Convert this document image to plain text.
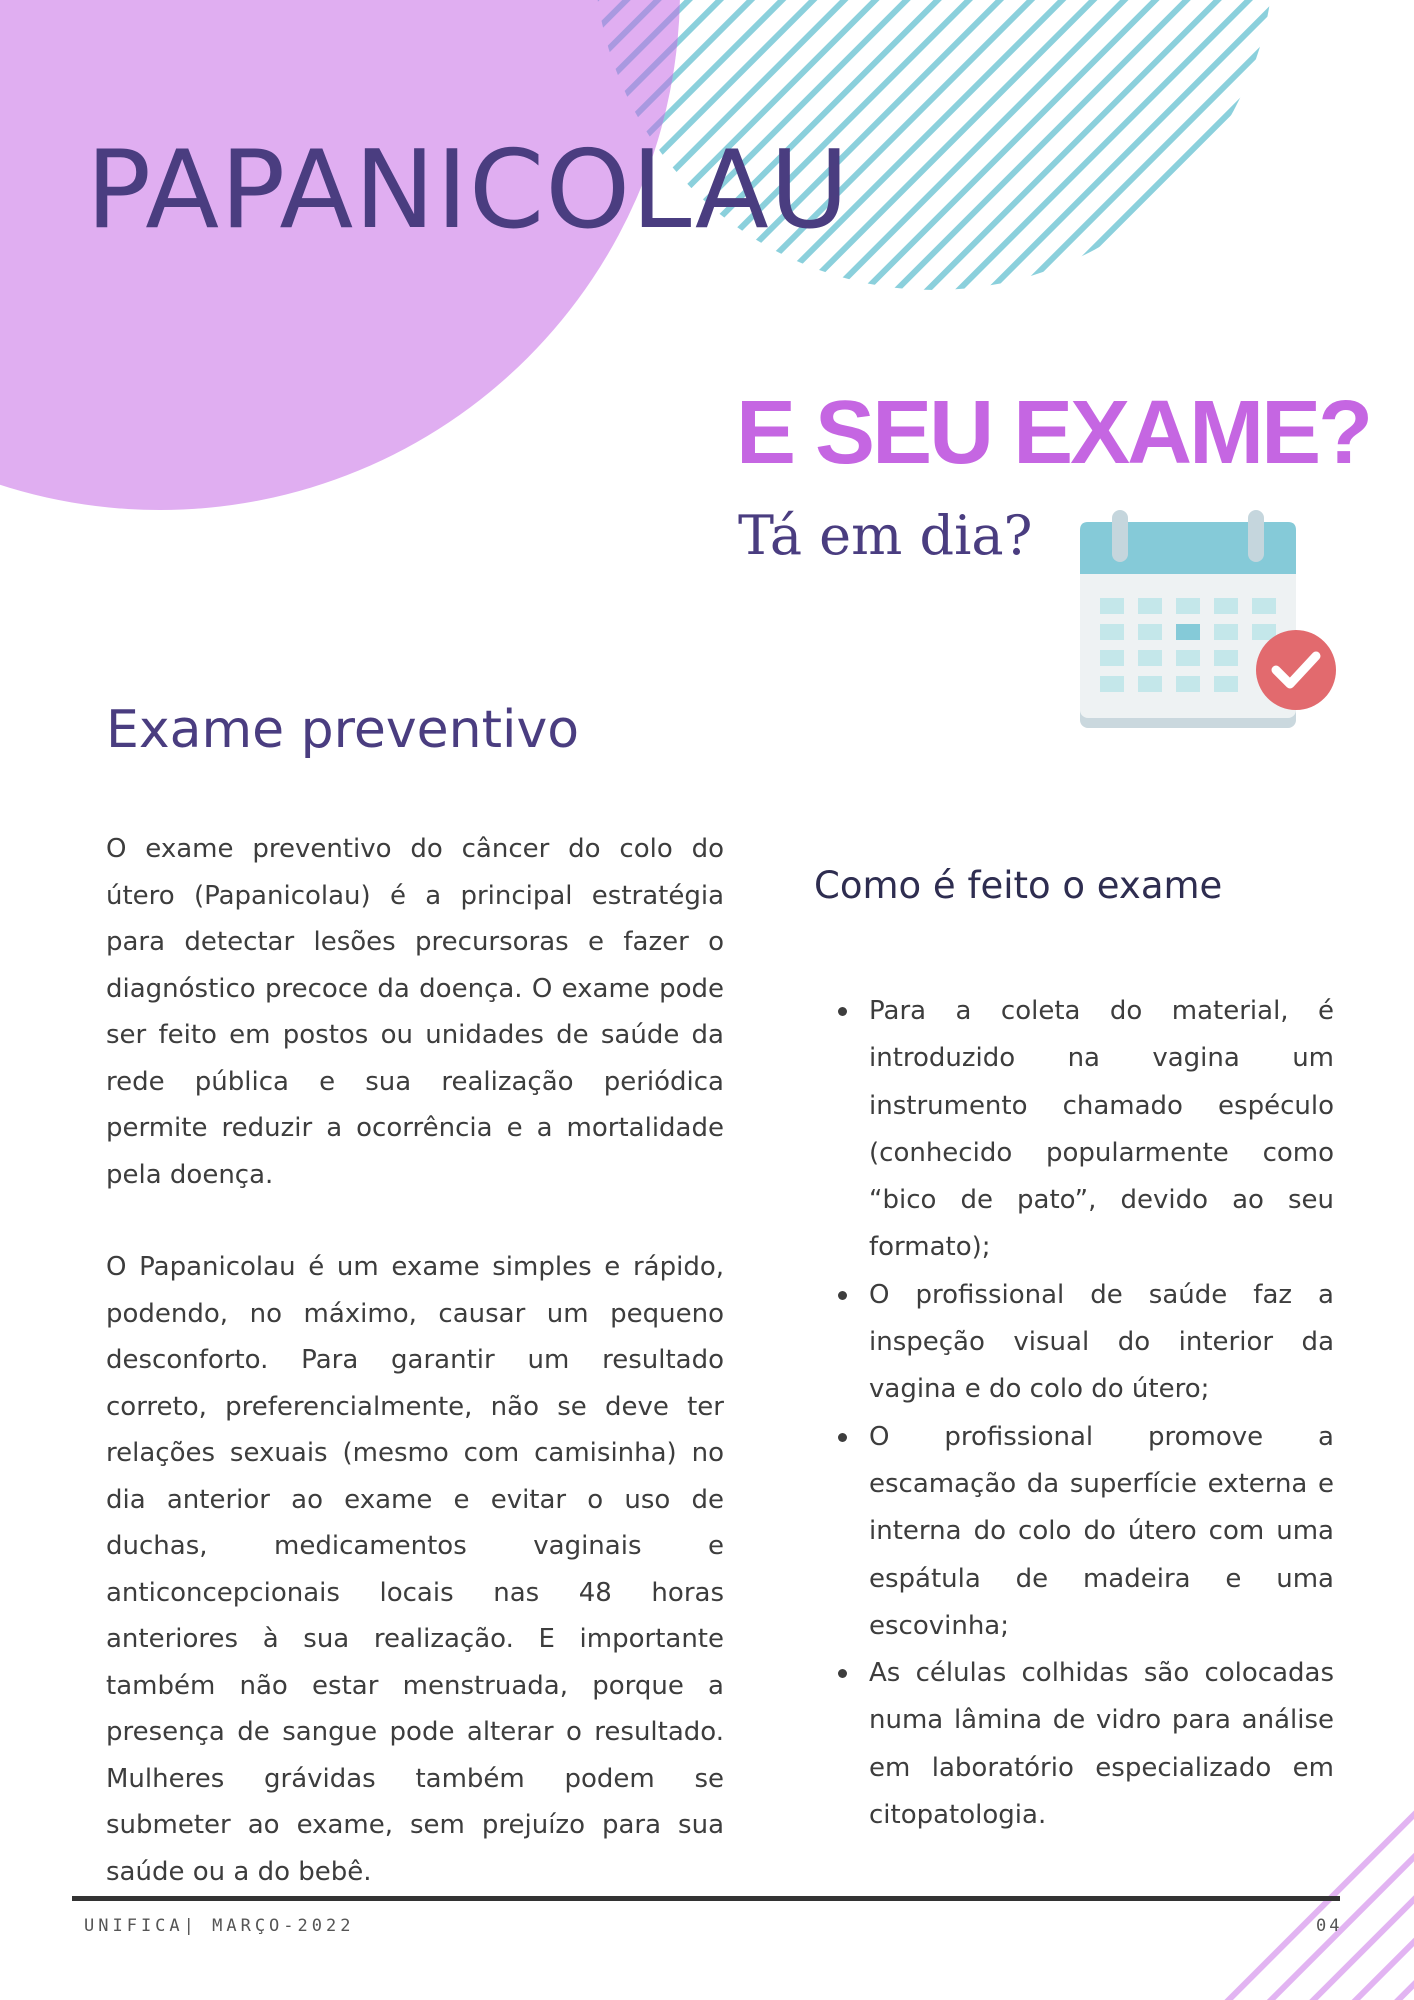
PAPANICOLAU
E SEU EXAME?
Tá em dia?
Exame preventivo

O exame preventivo do câncer do colo do útero (Papanicolau) é a principal estratégia para detectar lesões precursoras e fazer o diagnóstico precoce da doença. O exame pode ser feito em postos ou unidades de saúde da rede pública e sua realização periódica permite reduzir a ocorrência e a mortalidade pela doença.

O Papanicolau é um exame simples e rápido, podendo, no máximo, causar um pequeno desconforto. Para garantir um resultado correto, preferencialmente, não se deve ter relações sexuais (mesmo com camisinha) no dia anterior ao exame e evitar o uso de duchas, medicamentos vaginais e anticoncepcionais locais nas 48 horas anteriores à sua realização. E importante também não estar menstruada, porque a presença de sangue pode alterar o resultado. Mulheres grávidas também podem se submeter ao exame, sem prejuízo para sua saúde ou a do bebê.

Como é feito o exame
Para a coleta do material, é introduzido na vagina um instrumento chamado espéculo (conhecido popularmente como “bico de pato”, devido ao seu formato);
O profissional de saúde faz a inspeção visual do interior da vagina e do colo do útero;
O profissional promove a escamação da superfície externa e interna do colo do útero com uma espátula de madeira e uma escovinha;
As células colhidas são colocadas numa lâmina de vidro para análise em laboratório especializado em citopatologia.
UNIFICA| MARÇO-2022	04
